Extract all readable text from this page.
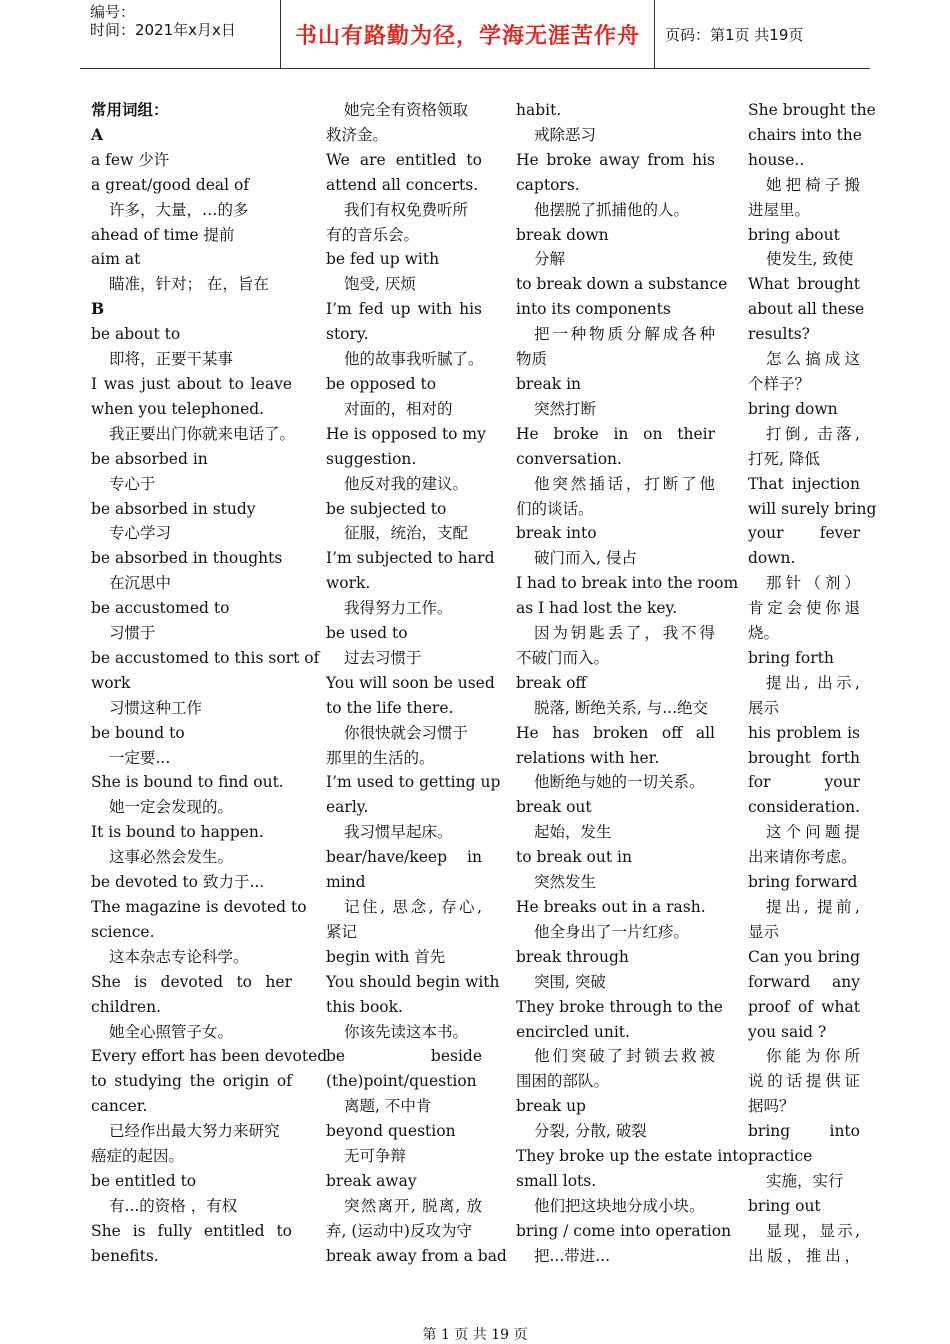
编号：
时间：2021年x月x日	书山有路勤为径，学海无涯苦作舟	页码：第1页 共19页
常用词组：
A
a few 少许
a great/good deal of
许多，大量，…的多
ahead of time 提前
aim at
瞄准，针对； 在，旨在
B
be about to
即将，正要干某事
I was just about to leave
when you telephoned.
我正要出门你就来电话了。
be absorbed in
专心于
be absorbed in study
专心学习
be absorbed in thoughts
在沉思中
be accustomed to
习惯于
be accustomed to this sort of
work
习惯这种工作
be bound to
一定要...
She is bound to find out.
她一定会发现的。
It is bound to happen.
这事必然会发生。
be devoted to 致力于...
The magazine is devoted to
science.
这本杂志专论科学。
She is devoted to her
children.
她全心照管子女。
Every effort has been devoted
to studying the origin of
cancer.
已经作出最大努力来研究
癌症的起因。
be entitled to
有...的资格 ，有权
She is fully entitled to
benefits.
她完全有资格领取
救济金。
We are entitled to
attend all concerts.
我们有权免费听所
有的音乐会。
be fed up with
饱受, 厌烦
I’m fed up with his
story.
他的故事我听腻了。
be opposed to
对面的，相对的
He is opposed to my
suggestion.
他反对我的建议。
be subjected to
征服，统治，支配
I’m subjected to hard
work.
我得努力工作。
be used to
过去习惯于
You will soon be used
to the life there.
你很快就会习惯于
那里的生活的。
I’m used to getting up
early.
我习惯早起床。
bear/have/keep in
mind
记住, 思念, 存心,
紧记
begin with 首先
You should begin with
this book.
你该先读这本书。
be beside
(the)point/question
离题, 不中肯
beyond question
无可争辩
break away
突然离开, 脱离, 放
弃, (运动中)反攻为守
break away from a bad
habit.
戒除恶习
He broke away from his
captors.
他摆脱了抓捕他的人。
break down
分解
to break down a substance
into its components
把一种物质分解成各种
物质
break in
突然打断
He broke in on their
conversation.
他突然插话，打断了他
们的谈话。
break into
破门而入, 侵占
I had to break into the room
as I had lost the key.
因为钥匙丢了，我不得
不破门而入。
break off
脱落, 断绝关系, 与...绝交
He has broken off all
relations with her.
他断绝与她的一切关系。
break out
起始，发生
to break out in
突然发生
He breaks out in a rash.
他全身出了一片红疹。
break through
突围, 突破
They broke through to the
encircled unit.
他们突破了封锁去救被
围困的部队。
break up
分裂, 分散, 破裂
They broke up the estate into
small lots.
他们把这块地分成小块。
bring / come into operation
把...带进...
She brought the
chairs into the
house..
她把椅子搬
进屋里。
bring about
使发生, 致使
What brought
about all these
results?
怎么搞成这
个样子？
bring down
打倒, 击落,
打死, 降低
That injection
will surely bring
your fever
down.
那针（剂）
肯定会使你退
烧。
bring forth
提出, 出示,
展示
his problem is
brought forth
for your
consideration.
这个问题提
出来请你考虑。
bring forward
提出, 提前,
显示
Can you bring
forward any
proof of what
you said ?
你能为你所
说的话提供证
据吗？
bring into
practice
实施，实行
bring out
显现，显示,
出版，推出，
第 1 页 共 19 页
